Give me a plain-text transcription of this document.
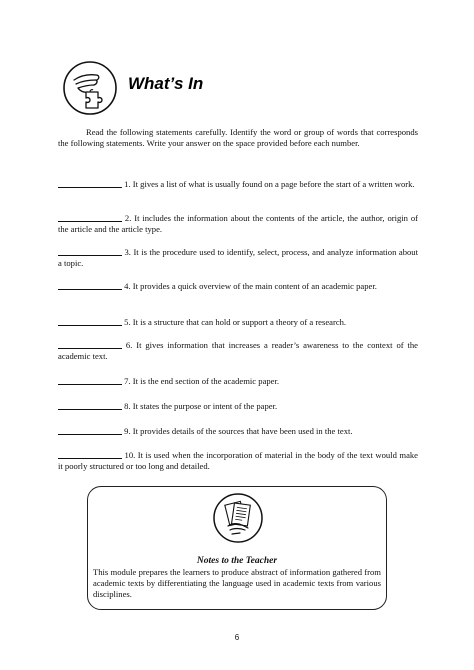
What’s In

Read the following statements carefully. Identify the word or group of words that corresponds the following statements. Write your answer on the space provided before each number.

1. It gives a list of what is usually found on a page before the start of a written work.

2. It includes the information about the contents of the article, the author, origin of the article and the article type.

3. It is the procedure used to identify, select, process, and analyze information about a topic.

4. It provides a quick overview of the main content of an academic paper.

5. It is a structure that can hold or support a theory of a research.

6. It gives information that increases a reader’s awareness to the context of the academic text.

7. It is the end section of the academic paper.

8. It states the purpose or intent of the paper.

9. It provides details of the sources that have been used in the text.

10. It is used when the incorporation of material in the body of the text would make it poorly structured or too long and detailed.

Notes to the Teacher

This module prepares the learners to produce abstract of information gathered from academic texts by differentiating the language used in academic texts from various disciplines.

6
